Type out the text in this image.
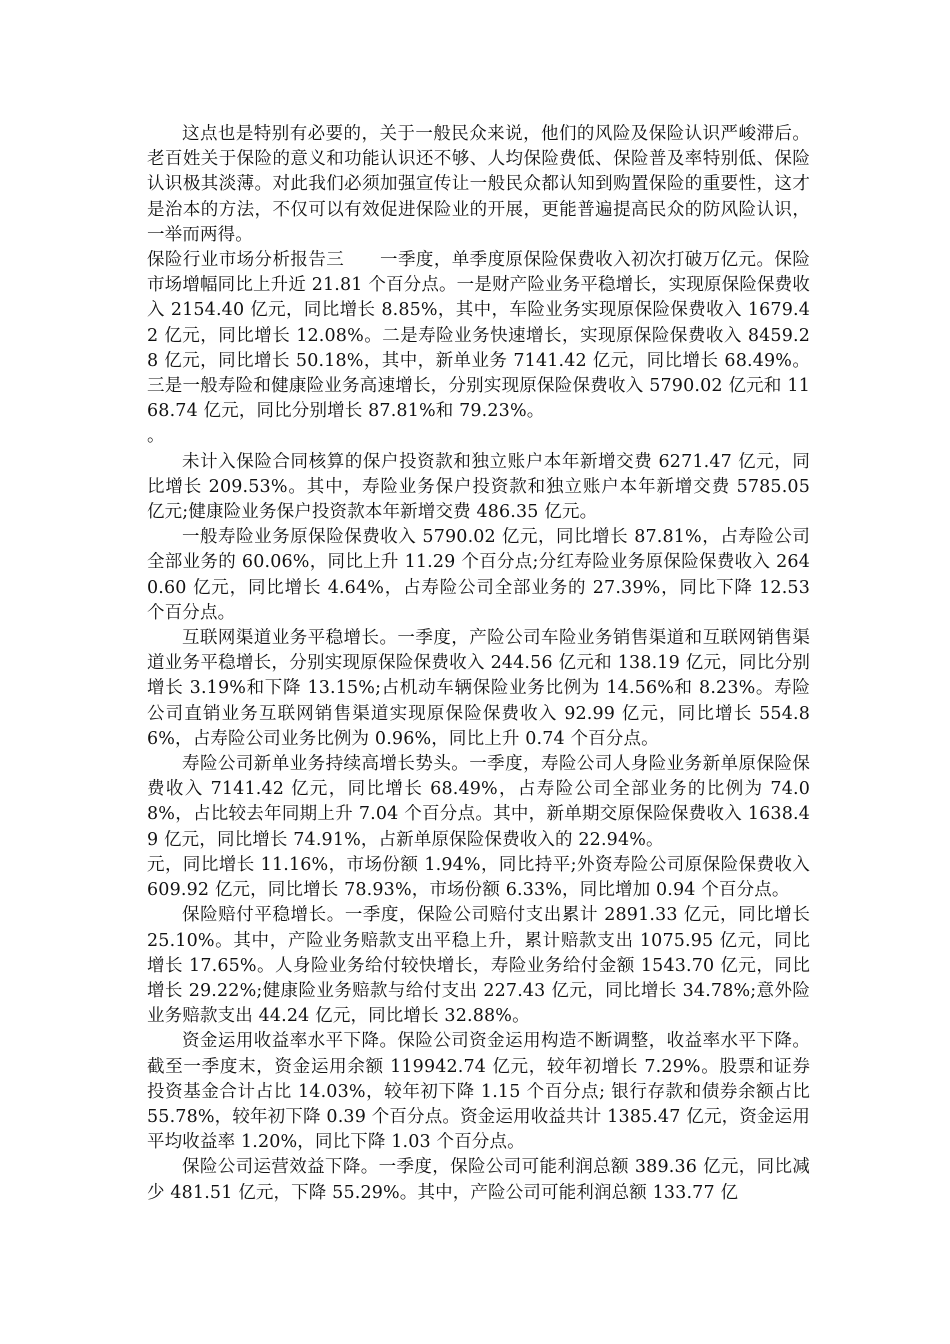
这点也是特别有必要的，关于一般民众来说，他们的风险及保险认识严峻滞后。老百姓关于保险的意义和功能认识还不够、人均保险费低、保险普及率特别低、保险认识极其淡薄。对此我们必须加强宣传让一般民众都认知到购置保险的重要性，这才是治本的方法，不仅可以有效促进保险业的开展，更能普遍提高民众的防风险认识，一举而两得。

保险行业市场分析报告三　　一季度，单季度原保险保费收入初次打破万亿元。保险市场增幅同比上升近 21.81 个百分点。一是财产险业务平稳增长，实现原保险保费收入 2154.40 亿元，同比增长 8.85%，其中，车险业务实现原保险保费收入 1679.42 亿元，同比增长 12.08%。二是寿险业务快速增长，实现原保险保费收入 8459.28 亿元，同比增长 50.18%，其中，新单业务 7141.42 亿元，同比增长 68.49%。三是一般寿险和健康险业务高速增长，分别实现原保险保费收入 5790.02 亿元和 1168.74 亿元，同比分别增长 87.81%和 79.23%。

。

未计入保险合同核算的保户投资款和独立账户本年新增交费 6271.47 亿元，同比增长 209.53%。其中，寿险业务保户投资款和独立账户本年新增交费 5785.05 亿元;健康险业务保户投资款本年新增交费 486.35 亿元。

一般寿险业务原保险保费收入 5790.02 亿元，同比增长 87.81%，占寿险公司全部业务的 60.06%，同比上升 11.29 个百分点;分红寿险业务原保险保费收入 2640.60 亿元，同比增长 4.64%，占寿险公司全部业务的 27.39%，同比下降 12.53 个百分点。

互联网渠道业务平稳增长。一季度，产险公司车险业务销售渠道和互联网销售渠道业务平稳增长，分别实现原保险保费收入 244.56 亿元和 138.19 亿元，同比分别增长 3.19%和下降 13.15%;占机动车辆保险业务比例为 14.56%和 8.23%。寿险公司直销业务互联网销售渠道实现原保险保费收入 92.99 亿元，同比增长 554.86%，占寿险公司业务比例为 0.96%，同比上升 0.74 个百分点。

寿险公司新单业务持续高增长势头。一季度，寿险公司人身险业务新单原保险保费收入 7141.42 亿元，同比增长 68.49%，占寿险公司全部业务的比例为 74.08%，占比较去年同期上升 7.04 个百分点。其中，新单期交原保险保费收入 1638.49 亿元，同比增长 74.91%，占新单原保险保费收入的 22.94%。

元，同比增长 11.16%，市场份额 1.94%，同比持平;外资寿险公司原保险保费收入 609.92 亿元，同比增长 78.93%，市场份额 6.33%，同比增加 0.94 个百分点。

保险赔付平稳增长。一季度，保险公司赔付支出累计 2891.33 亿元，同比增长 25.10%。其中，产险业务赔款支出平稳上升，累计赔款支出 1075.95 亿元，同比增长 17.65%。人身险业务给付较快增长，寿险业务给付金额 1543.70 亿元，同比增长 29.22%;健康险业务赔款与给付支出 227.43 亿元，同比增长 34.78%;意外险业务赔款支出 44.24 亿元，同比增长 32.88%。

资金运用收益率水平下降。保险公司资金运用构造不断调整，收益率水平下降。截至一季度末，资金运用余额 119942.74 亿元，较年初增长 7.29%。股票和证券投资基金合计占比 14.03%，较年初下降 1.15 个百分点; 银行存款和债券余额占比 55.78%，较年初下降 0.39 个百分点。资金运用收益共计 1385.47 亿元，资金运用平均收益率 1.20%，同比下降 1.03 个百分点。

保险公司运营效益下降。一季度，保险公司可能利润总额 389.36 亿元，同比减少 481.51 亿元，下降 55.29%。其中，产险公司可能利润总额 133.77 亿
